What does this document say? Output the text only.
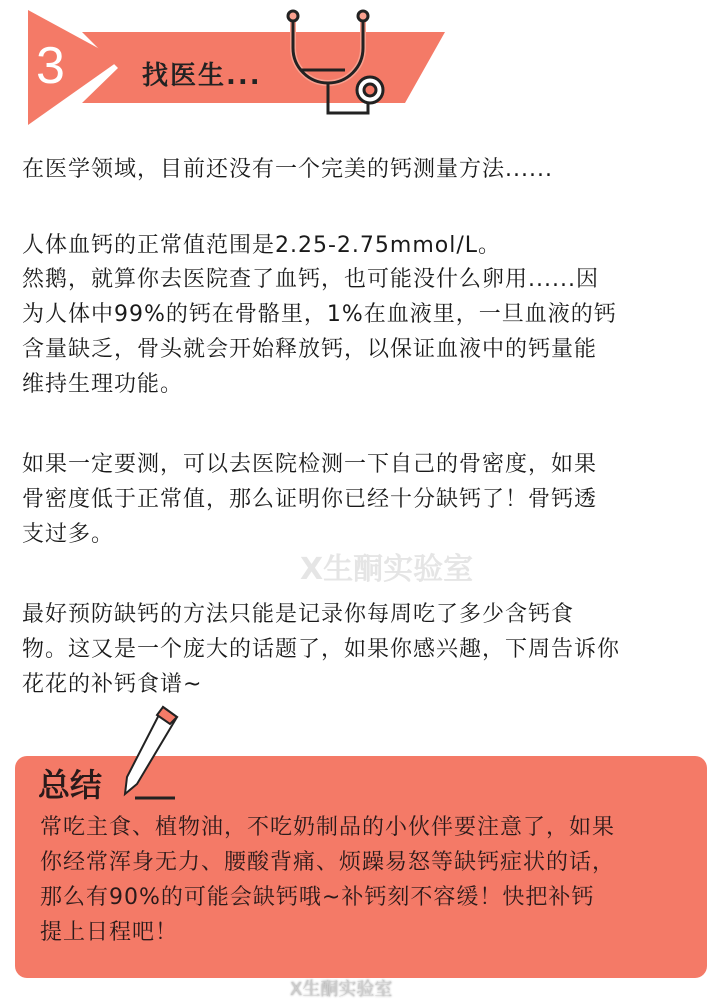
3	找医生...
在医学领域，目前还没有一个完美的钙测量方法......
人体血钙的正常值范围是2.25-2.75mmol/L。
然鹅，就算你去医院查了血钙，也可能没什么卵用......因
为人体中99%的钙在骨骼里，1%在血液里，一旦血液的钙
含量缺乏，骨头就会开始释放钙，以保证血液中的钙量能
维持生理功能。
如果一定要测，可以去医院检测一下自己的骨密度，如果
骨密度低于正常值，那么证明你已经十分缺钙了！骨钙透
支过多。
X生酮实验室
最好预防缺钙的方法只能是记录你每周吃了多少含钙食
物。这又是一个庞大的话题了，如果你感兴趣，下周告诉你
花花的补钙食谱~
总结
常吃主食、植物油，不吃奶制品的小伙伴要注意了，如果
你经常浑身无力、腰酸背痛、烦躁易怒等缺钙症状的话，
那么有90%的可能会缺钙哦~补钙刻不容缓！快把补钙
提上日程吧！
X生酮实验室
